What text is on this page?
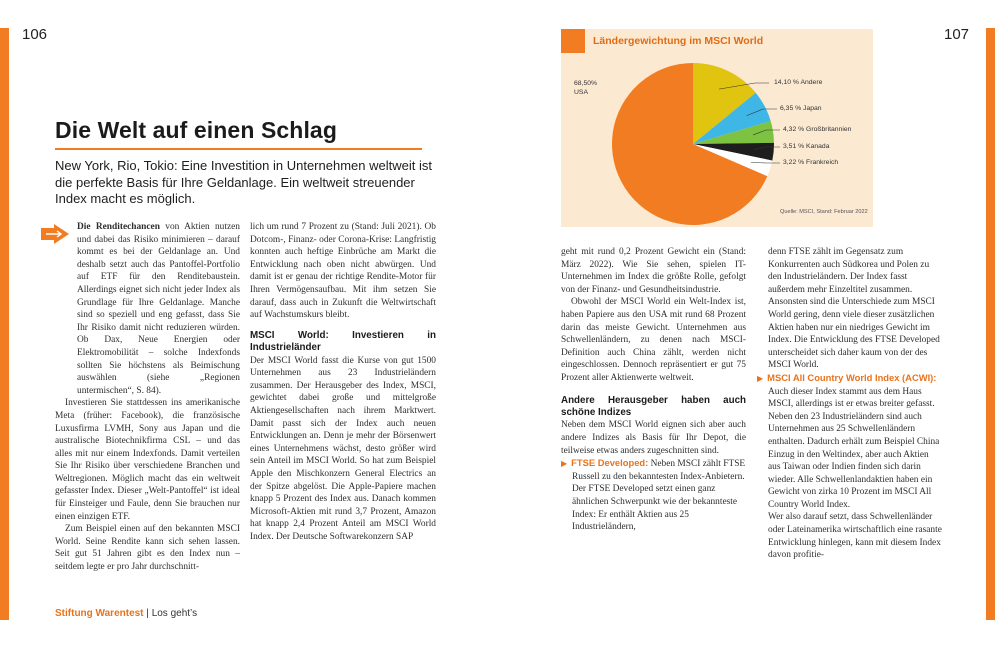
106	107
Die Welt auf einen Schlag
New York, Rio, Tokio: Eine Investition in Unternehmen weltweit ist die perfekte Basis für Ihre Geldanlage. Ein weltweit streuender Index macht es möglich.

Die Renditechancen von Aktien nutzen und dabei das Risiko minimieren – darauf kommt es bei der Geldanlage an. Und deshalb setzt auch das Pantoffel-Portfolio auf ETF für den Renditebaustein. Allerdings eignet sich nicht jeder Index als Grundlage für Ihre Geldanlage. Manche sind so speziell und eng gefasst, dass Sie Ihr Risiko damit nicht reduzieren würden. Ob Dax, Neue Energien oder Elektromobilität – solche Indexfonds sollten Sie höchstens als Beimischung auswählen (siehe „Regionen untermischen“, S. 84).

Investieren Sie stattdessen ins amerikanische Meta (früher: Facebook), die französische Luxusfirma LVMH, Sony aus Japan und die australische Biotechnikfirma CSL – und das alles mit nur einem Indexfonds. Damit verteilen Sie Ihr Risiko über verschiedene Branchen und Weltregionen. Möglich macht das ein weltweit gefasster Index. Dieser „Welt-Pantoffel“ ist ideal für Einsteiger und Faule, denn Sie brauchen nur einen einzigen ETF.

Zum Beispiel einen auf den bekannten MSCI World. Seine Rendite kann sich sehen lassen. Seit gut 51 Jahren gibt es den Index nun – seitdem legte er pro Jahr durchschnitt-

lich um rund 7 Prozent zu (Stand: Juli 2021). Ob Dotcom-, Finanz- oder Corona-Krise: Langfristig konnten auch heftige Einbrüche am Markt die Entwicklung nach oben nicht abwürgen. Und damit ist er genau der richtige Rendite-Motor für Ihren Vermögensaufbau. Mit ihm setzen Sie darauf, dass auch in Zukunft die Weltwirtschaft auf Wachstumskurs bleibt.

MSCI World: Investieren in Industrieländer

Der MSCI World fasst die Kurse von gut 1500 Unternehmen aus 23 Industrieländern zusammen. Der Herausgeber des Index, MSCI, gewichtet dabei große und mittelgroße Aktiengesellschaften nach ihrem Marktwert. Damit passt sich der Index auch neuen Entwicklungen an. Denn je mehr der Börsenwert eines Unternehmens wächst, desto größer wird sein Anteil im MSCI World. So hat zum Beispiel Apple den Mischkonzern General Electrics an der Spitze abgelöst. Die Apple-Papiere machen knapp 5 Prozent des Index aus. Danach kommen Microsoft-Aktien mit rund 3,7 Prozent, Amazon hat knapp 2,4 Prozent Anteil am MSCI World Index. Der Deutsche Softwarekonzern SAP

Ländergewichtung im MSCI World
68,50%
USA
14,10 % Andere
6,35 % Japan
4,32 % Großbritannien
3,51 % Kanada
3,22 % Frankreich
Quelle: MSCI, Stand: Februar 2022

geht mit rund 0,2 Prozent Gewicht ein (Stand: März 2022). Wie Sie sehen, spielen IT-Unternehmen im Index die größte Rolle, gefolgt von der Finanz- und Gesundheitsindustrie.

Obwohl der MSCI World ein Welt-Index ist, haben Papiere aus den USA mit rund 68 Prozent darin das meiste Gewicht. Unternehmen aus Schwellenländern, zu denen nach MSCI-Definition auch China zählt, werden nicht eingeschlossen. Dennoch repräsentiert er gut 75 Prozent aller Aktienwerte weltweit.

Andere Herausgeber haben auch schöne Indizes

Neben dem MSCI World eignen sich aber auch andere Indizes als Basis für Ihr Depot, die teilweise etwas anders zugeschnitten sind.

▶ FTSE Developed: Neben MSCI zählt FTSE Russell zu den bekanntesten Index-Anbietern. Der FTSE Developed setzt einen ganz ähnlichen Schwerpunkt wie der bekannteste Index: Er enthält Aktien aus 25 Industrieländern,

denn FTSE zählt im Gegensatz zum Konkurrenten auch Südkorea und Polen zu den Industrieländern. Der Index fasst außerdem mehr Einzeltitel zusammen. Ansonsten sind die Unterschiede zum MSCI World gering, denn viele dieser zusätzlichen Aktien haben nur ein niedriges Gewicht im Index. Die Entwicklung des FTSE Developed unterscheidet sich daher kaum von der des MSCI World.

▶ MSCI All Country World Index (ACWI): Auch dieser Index stammt aus dem Haus MSCI, allerdings ist er etwas breiter gefasst. Neben den 23 Industrieländern sind auch Unternehmen aus 25 Schwellenländern enthalten. Dadurch erhält zum Beispiel China Einzug in den Weltindex, aber auch Aktien aus Taiwan oder Indien finden sich darin wieder. Alle Schwellenlandaktien haben ein Gewicht von zirka 10 Prozent im MSCI All Country World Index.

Wer also darauf setzt, dass Schwellenländer oder Lateinamerika wirtschaftlich eine rasante Entwicklung hinlegen, kann mit diesem Index davon profitie-

Stiftung Warentest | Los geht’s
